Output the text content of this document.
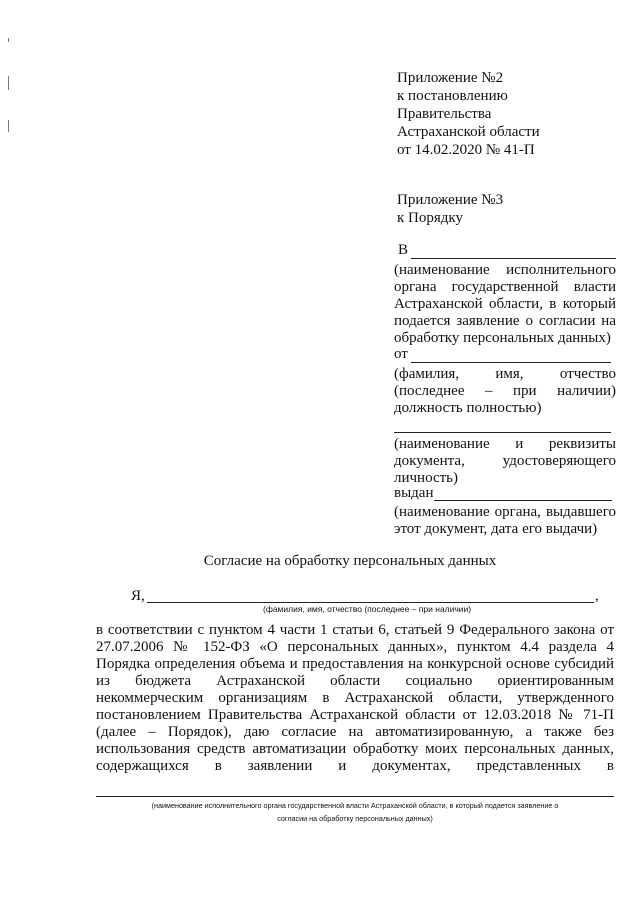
Приложение №2
к постановлению
Правительства
Астраханской области
от 14.02.2020 № 41-П
Приложение №3
к Порядку
В
(наименование исполнительного
органа государственной власти
Астраханской области, в который
подается заявление о согласии на
обработку персональных данных)
от
(фамилия, имя, отчество
(последнее – при наличии)
должность полностью)
(наименование и реквизиты
документа, удостоверяющего
личность)
выдан
(наименование органа, выдавшего
этот документ, дата его выдачи)
Согласие на обработку персональных данных
Я,	,
(фамилия, имя, отчество (последнее – при наличии)
в соответствии с пунктом 4 части 1 статьи 6, статьей 9 Федерального закона от
27.07.2006 № 152-ФЗ «О персональных данных», пунктом 4.4 раздела 4
Порядка определения объема и предоставления на конкурсной основе субсидий
из бюджета Астраханской области социально ориентированным
некоммерческим организациям в Астраханской области, утвержденного
постановлением Правительства Астраханской области от 12.03.2018 № 71-П
(далее – Порядок), даю согласие на автоматизированную, а также без
использования средств автоматизации обработку моих персональных данных,
содержащихся в заявлении и документах, представленных в
(наименование исполнительного органа государственной власти Астраханской области, в который подается заявление о
согласии на обработку персональных данных)
